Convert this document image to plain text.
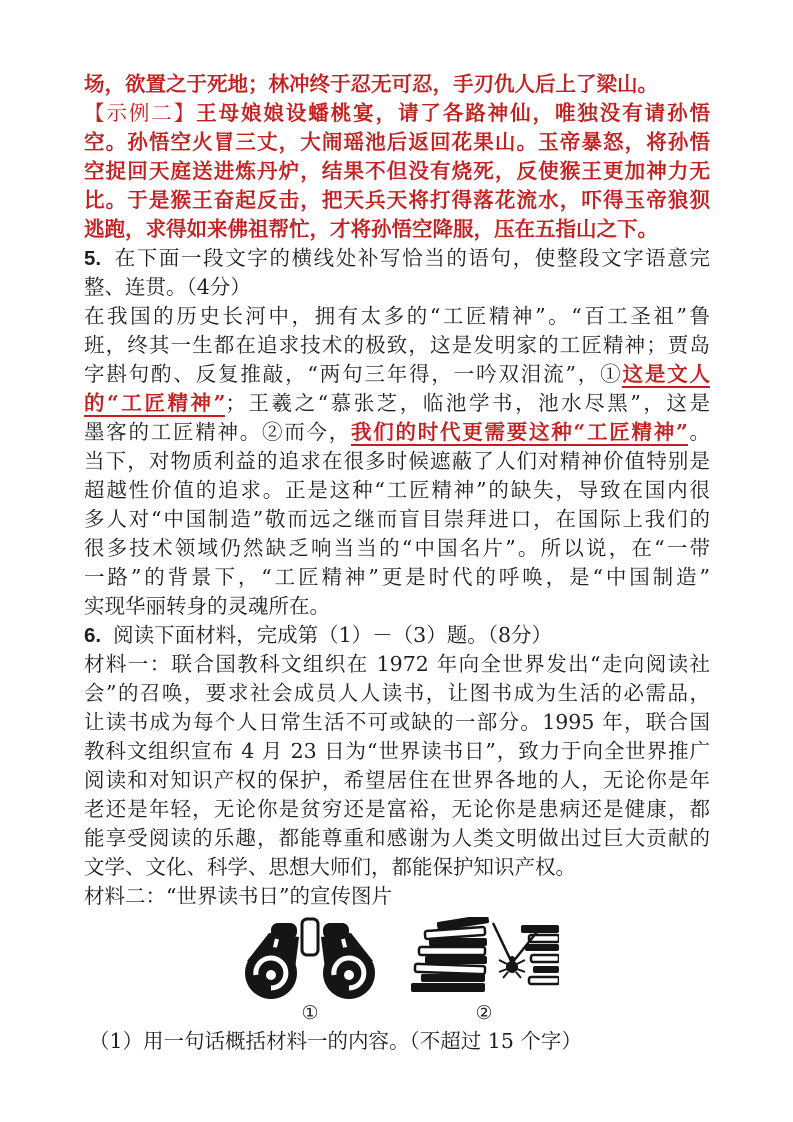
场，欲置之于死地；林冲终于忍无可忍，手刃仇人后上了梁山。
【示例二】王母娘娘设蟠桃宴，请了各路神仙，唯独没有请孙悟
空。孙悟空火冒三丈，大闹瑶池后返回花果山。玉帝暴怒，将孙悟
空捉回天庭送进炼丹炉，结果不但没有烧死，反使猴王更加神力无
比。于是猴王奋起反击，把天兵天将打得落花流水，吓得玉帝狼狈
逃跑，求得如来佛祖帮忙，才将孙悟空降服，压在五指山之下。
5. 在下面一段文字的横线处补写恰当的语句，使整段文字语意完
整、连贯。（4分）
在我国的历史长河中，拥有太多的“工匠精神”。“百工圣祖”鲁
班，终其一生都在追求技术的极致，这是发明家的工匠精神；贾岛
字斟句酌、反复推敲，“两句三年得，一吟双泪流”，①这是文人
的“工匠精神”；王羲之“慕张芝，临池学书，池水尽黑”，这是
墨客的工匠精神。②而今，我们的时代更需要这种“工匠精神”。
当下，对物质利益的追求在很多时候遮蔽了人们对精神价值特别是
超越性价值的追求。正是这种“工匠精神”的缺失，导致在国内很
多人对“中国制造”敬而远之继而盲目崇拜进口，在国际上我们的
很多技术领域仍然缺乏响当当的“中国名片”。所以说，在“一带
一路”的背景下，“工匠精神”更是时代的呼唤，是“中国制造”
实现华丽转身的灵魂所在。
6. 阅读下面材料，完成第（1）－（3）题。（8分）
材料一：联合国教科文组织在 1972 年向全世界发出“走向阅读社
会”的召唤，要求社会成员人人读书，让图书成为生活的必需品，
让读书成为每个人日常生活不可或缺的一部分。1995 年，联合国
教科文组织宣布 4 月 23 日为“世界读书日”，致力于向全世界推广
阅读和对知识产权的保护，希望居住在世界各地的人，无论你是年
老还是年轻，无论你是贫穷还是富裕，无论你是患病还是健康，都
能享受阅读的乐趣，都能尊重和感谢为人类文明做出过巨大贡献的
文学、文化、科学、思想大师们，都能保护知识产权。
材料二：“世界读书日”的宣传图片
①	②
（1）用一句话概括材料一的内容。（不超过 15 个字）
